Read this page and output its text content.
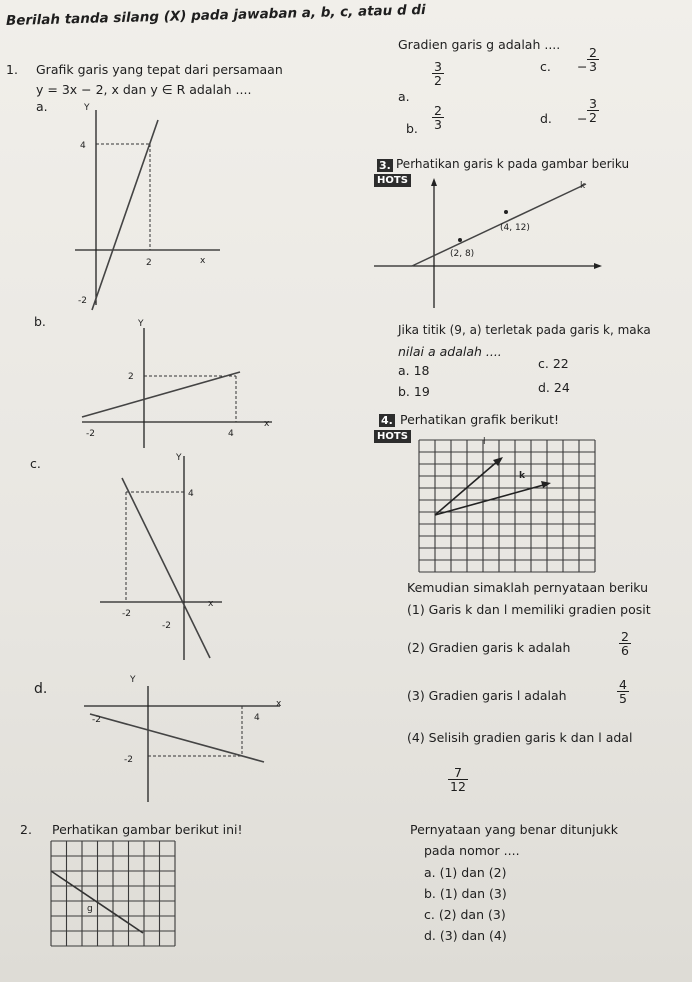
Berilah tanda silang (X) pada jawaban a, b, c, atau d di
1. Grafik garis yang tepat dari persamaan
y = 3x − 2, x dan y ∈ R adalah ....
a.
b.
c.
d.
Y
x
4
2
-2
Y
x
2
-2	4
Y
x
4
-2
-2
Y
x
-2	4
-2
Gradien garis g adalah ....
a.
$\frac{3}{2}$
b. $\frac{2}{3}$
c. − $\frac{2}{3}$
d. − $\frac{3}{2}$
3.
HOTS
Perhatikan garis k pada gambar beriku
k
(4, 12)
(2, 8)
Jika titik (9, a) terletak pada garis k, maka
nilai a adalah ....
a. 18
b. 19
c. 22
d. 24
4.
HOTS
Perhatikan grafik berikut!
l
k
Kemudian simaklah pernyataan beriku
(1) Garis k dan l memiliki gradien posit
(2) Gradien garis k adalah	$\frac{2}{6}$
(3) Gradien garis l adalah	$\frac{4}{5}$
(4) Selisih gradien garis k dan l adal
$\frac{7}{12}$
Pernyataan yang benar ditunjukk
pada nomor ....
a. (1) dan (2)
b. (1) dan (3)
c. (2) dan (3)
d. (3) dan (4)
2. Perhatikan gambar berikut ini!
g
